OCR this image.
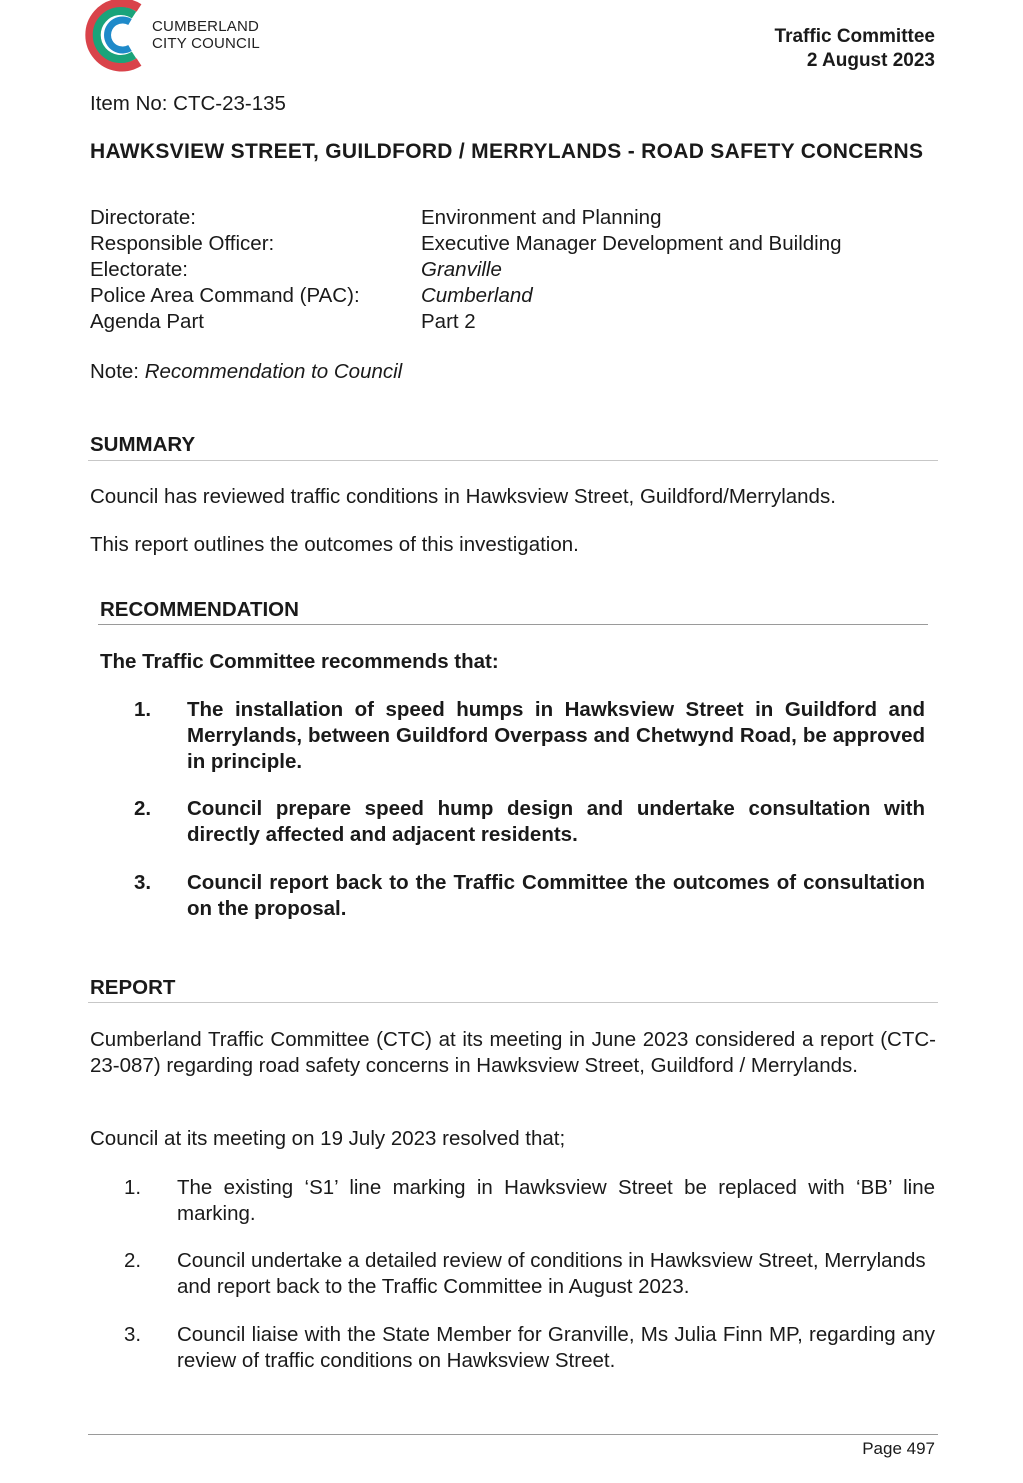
CUMBERLAND
CITY COUNCIL	Traffic Committee
2 August 2023
Item No: CTC-23-135
HAWKSVIEW STREET, GUILDFORD / MERRYLANDS - ROAD SAFETY CONCERNS
Directorate:	Environment and Planning
Responsible Officer:	Executive Manager Development and Building
Electorate:	Granville
Police Area Command (PAC):	Cumberland
Agenda Part	Part 2
Note: Recommendation to Council
SUMMARY
Council has reviewed traffic conditions in Hawksview Street, Guildford/Merrylands.
This report outlines the outcomes of this investigation.
RECOMMENDATION
The Traffic Committee recommends that:
1.	The installation of speed humps in Hawksview Street in Guildford and Merrylands, between Guildford Overpass and Chetwynd Road, be approved in principle.
2.	Council prepare speed hump design and undertake consultation with directly affected and adjacent residents.
3.	Council report back to the Traffic Committee the outcomes of consultation on the proposal.
REPORT
Cumberland Traffic Committee (CTC) at its meeting in June 2023 considered a report (CTC-23-087) regarding road safety concerns in Hawksview Street, Guildford / Merrylands.
Council at its meeting on 19 July 2023 resolved that;
1.	The existing ‘S1’ line marking in Hawksview Street be replaced with ‘BB’ line marking.
2.	Council undertake a detailed review of conditions in Hawksview Street, Merrylands and report back to the Traffic Committee in August 2023.
3.	Council liaise with the State Member for Granville, Ms Julia Finn MP, regarding any review of traffic conditions on Hawksview Street.
Page 497
